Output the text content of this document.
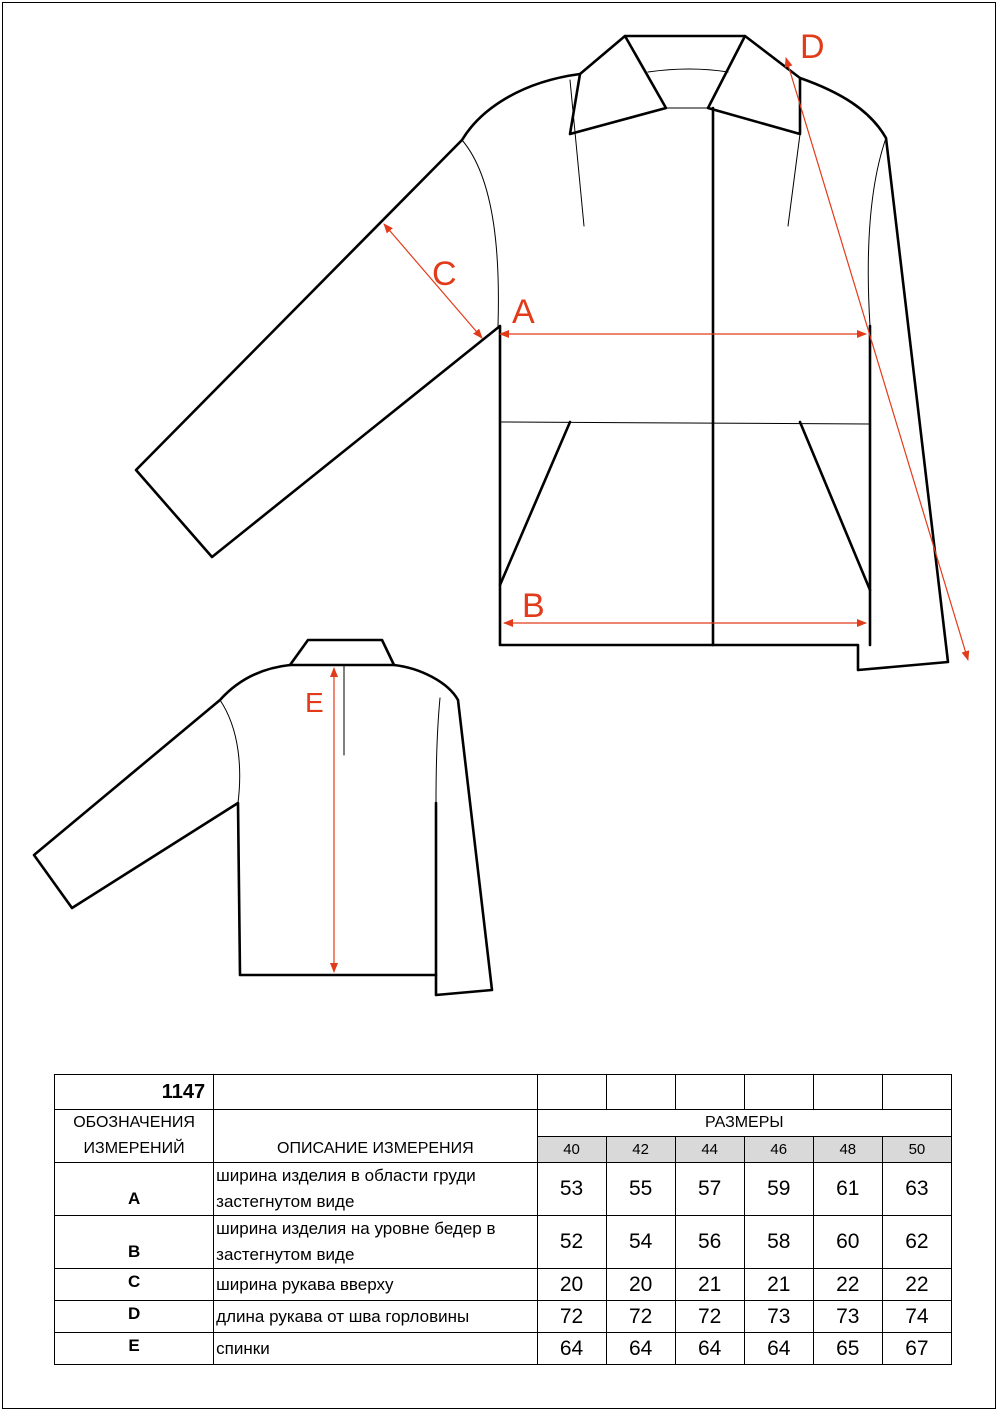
A
B
C
D
E
1147							
ОБОЗНАЧЕНИЯ ИЗМЕРЕНИЙ	ОПИСАНИЕ ИЗМЕРЕНИЯ	РАЗМЕРЫ					
		40	42	44	46	48	50
A	ширина изделия в области груди застегнутом виде	53	55	57	59	61	63
B	ширина изделия на уровне бедер в застегнутом виде	52	54	56	58	60	62
C	ширина рукава вверху	20	20	21	21	22	22
D	длина рукава от шва горловины	72	72	72	73	73	74
E	спинки	64	64	64	64	65	67
